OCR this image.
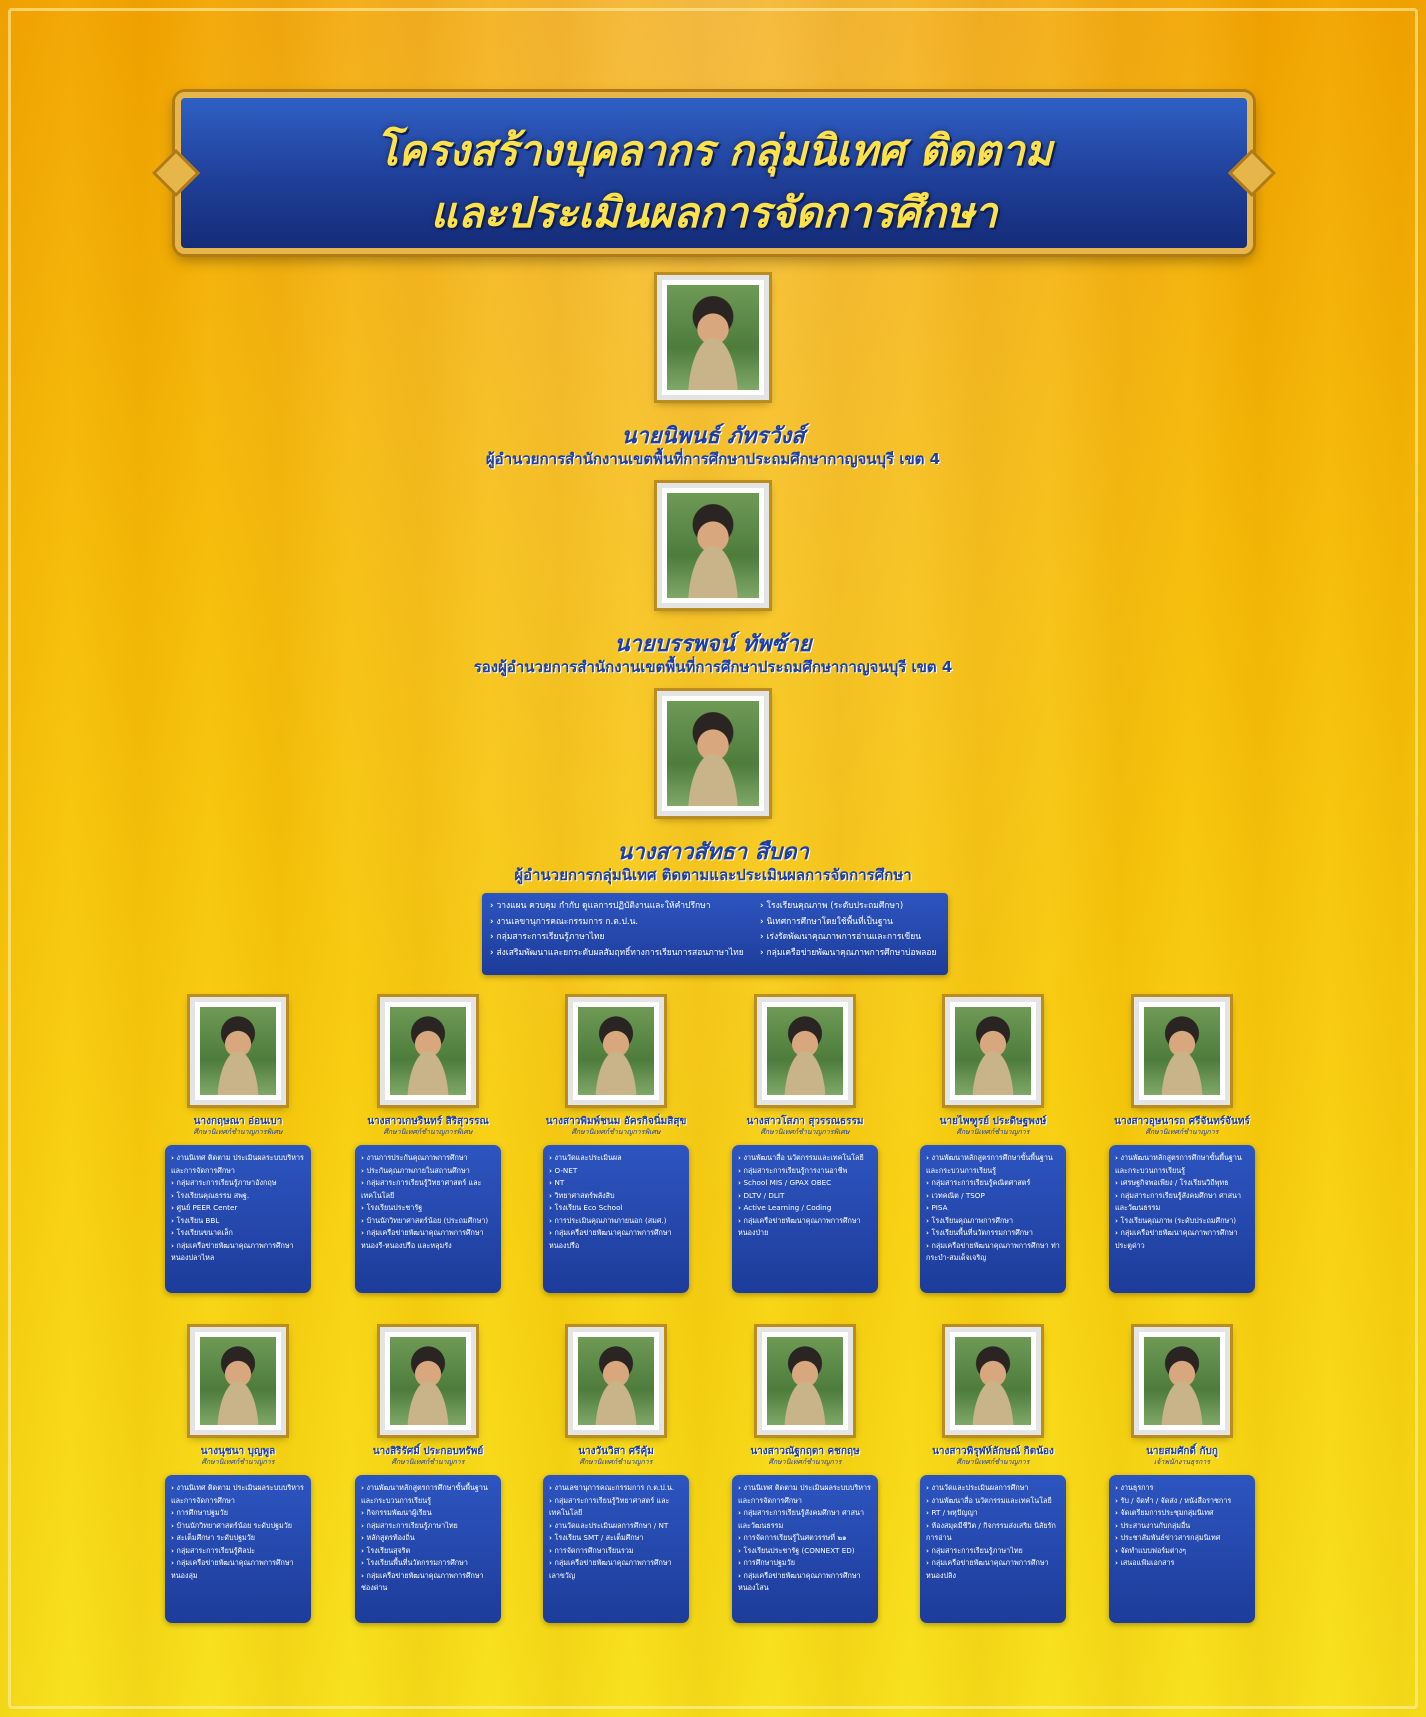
โครงสร้างบุคลากร กลุ่มนิเทศ ติดตาม
และประเมินผลการจัดการศึกษา
นายนิพนธ์ ภัทรวังส์
ผู้อำนวยการสำนักงานเขตพื้นที่การศึกษาประถมศึกษากาญจนบุรี เขต 4
นายบรรพจน์ ทัพซ้าย
รองผู้อำนวยการสำนักงานเขตพื้นที่การศึกษาประถมศึกษากาญจนบุรี เขต 4
นางสาวสัทธา สืบดา
ผู้อำนวยการกลุ่มนิเทศ ติดตามและประเมินผลการจัดการศึกษา
› วางแผน ควบคุม กำกับ ดูแลการปฏิบัติงานและให้คำปรึกษา
› งานเลขานุการคณะกรรมการ ก.ต.ป.น.
› กลุ่มสาระการเรียนรู้ภาษาไทย
› ส่งเสริมพัฒนาและยกระดับผลสัมฤทธิ์ทางการเรียนการสอนภาษาไทย
› โรงเรียนคุณภาพ (ระดับประถมศึกษา)
› นิเทศการศึกษาโดยใช้พื้นที่เป็นฐาน
› เร่งรัดพัฒนาคุณภาพการอ่านและการเขียน
› กลุ่มเครือข่ายพัฒนาคุณภาพการศึกษาบ่อพลอย
นางกฤษณา อ่อนเบา
ศึกษานิเทศก์ชำนาญการพิเศษ
› งานนิเทศ ติดตาม ประเมินผลระบบบริหาร และการจัดการศึกษา
› กลุ่มสาระการเรียนรู้ภาษาอังกฤษ
› โรงเรียนคุณธรรม สพฐ.
› ศูนย์ PEER Center
› โรงเรียน BBL
› โรงเรียนขนาดเล็ก
› กลุ่มเครือข่ายพัฒนาคุณภาพการศึกษา หนองปลาไหล
นางสาวเกษรินทร์ สิริสุวรรณ
ศึกษานิเทศก์ชำนาญการพิเศษ
› งานการประกันคุณภาพการศึกษา
› ประกันคุณภาพภายในสถานศึกษา
› กลุ่มสาระการเรียนรู้วิทยาศาสตร์ และเทคโนโลยี
› โรงเรียนประชารัฐ
› บ้านนักวิทยาศาสตร์น้อย (ประถมศึกษา)
› กลุ่มเครือข่ายพัฒนาคุณภาพการศึกษา หนองรี-หนองปรือ และหลุมรัง
นางสาวพิมพ์ชนม อัครกิจนิ่มสิสุข
ศึกษานิเทศก์ชำนาญการพิเศษ
› งานวัดและประเมินผล
› O-NET
› NT
› วิทยาศาสตร์พลังสิบ
› โรงเรียน Eco School
› การประเมินคุณภาพภายนอก (สมศ.)
› กลุ่มเครือข่ายพัฒนาคุณภาพการศึกษา หนองปรือ
นางสาวโสภา สุวรรณธรรม
ศึกษานิเทศก์ชำนาญการพิเศษ
› งานพัฒนาสื่อ นวัตกรรมและเทคโนโลยี
› กลุ่มสาระการเรียนรู้การงานอาชีพ
› School MIS / GPAX OBEC
› DLTV / DLIT
› Active Learning / Coding
› กลุ่มเครือข่ายพัฒนาคุณภาพการศึกษา หนองป่าย
นายไพฑูรย์ ประดิษฐพงษ์
ศึกษานิเทศก์ชำนาญการ
› งานพัฒนาหลักสูตรการศึกษาขั้นพื้นฐาน และกระบวนการเรียนรู้
› กลุ่มสาระการเรียนรู้คณิตศาสตร์
› เวทคณิต / TSOP
› PISA
› โรงเรียนคุณภาพการศึกษา
› โรงเรียนพื้นที่นวัตกรรมการศึกษา
› กลุ่มเครือข่ายพัฒนาคุณภาพการศึกษา ท่ากระบำ-สมเด็จเจริญ
นางสาวอุษนารถ ศรีจันทร์จันทร์
ศึกษานิเทศก์ชำนาญการ
› งานพัฒนาหลักสูตรการศึกษาขั้นพื้นฐาน และกระบวนการเรียนรู้
› เศรษฐกิจพอเพียง / โรงเรียนวิถีพุทธ
› กลุ่มสาระการเรียนรู้สังคมศึกษา ศาสนา และวัฒนธรรม
› โรงเรียนคุณภาพ (ระดับประถมศึกษา)
› กลุ่มเครือข่ายพัฒนาคุณภาพการศึกษา ประตูด่าว
นางนุชนา บุญพูล
ศึกษานิเทศก์ชำนาญการ
› งานนิเทศ ติดตาม ประเมินผลระบบบริหาร และการจัดการศึกษา
› การศึกษาปฐมวัย
› บ้านนักวิทยาศาสตร์น้อย ระดับปฐมวัย
› สะเต็มศึกษา ระดับปฐมวัย
› กลุ่มสาระการเรียนรู้ศิลปะ
› กลุ่มเครือข่ายพัฒนาคุณภาพการศึกษา หนองลุ่ม
นางสิริรัศมิ์ ประกอบทรัพย์
ศึกษานิเทศก์ชำนาญการ
› งานพัฒนาหลักสูตรการศึกษาขั้นพื้นฐาน และกระบวนการเรียนรู้
› กิจกรรมพัฒนาผู้เรียน
› กลุ่มสาระการเรียนรู้ภาษาไทย
› หลักสูตรท้องถิ่น
› โรงเรียนสุจริต
› โรงเรียนพื้นที่นวัตกรรมการศึกษา
› กลุ่มเครือข่ายพัฒนาคุณภาพการศึกษา ช่องด่าน
นางวันวิสา ศรีคุ้ม
ศึกษานิเทศก์ชำนาญการ
› งานเลขานุการคณะกรรมการ ก.ต.ป.น.
› กลุ่มสาระการเรียนรู้วิทยาศาสตร์ และเทคโนโลยี
› งานวัดและประเมินผลการศึกษา / NT
› โรงเรียน SMT / สะเต็มศึกษา
› การจัดการศึกษาเรียนรวม
› กลุ่มเครือข่ายพัฒนาคุณภาพการศึกษา เลาขวัญ
นางสาวณัฐกฤตา คชกฤษ
ศึกษานิเทศก์ชำนาญการ
› งานนิเทศ ติดตาม ประเมินผลระบบบริหาร และการจัดการศึกษา
› กลุ่มสาระการเรียนรู้สังคมศึกษา ศาสนา และวัฒนธรรม
› การจัดการเรียนรู้ในศตวรรษที่ ๒๑
› โรงเรียนประชารัฐ (CONNEXT ED)
› การศึกษาปฐมวัย
› กลุ่มเครือข่ายพัฒนาคุณภาพการศึกษา หนองโสน
นางสาวพิรุฬห์ลักษณ์ กิตน้อง
ศึกษานิเทศก์ชำนาญการ
› งานวัดและประเมินผลการศึกษา
› งานพัฒนาสื่อ นวัตกรรมและเทคโนโลยี
› RT / พหุปัญญา
› ห้องสมุดมีชีวิต / กิจกรรมส่งเสริม นิสัยรักการอ่าน
› กลุ่มสาระการเรียนรู้ภาษาไทย
› กลุ่มเครือข่ายพัฒนาคุณภาพการศึกษา หนองปลิง
นายสมศักดิ์ กับกู
เจ้าพนักงานธุรการ
› งานธุรการ
› รับ / จัดทำ / จัดส่ง / หนังสือราชการ
› จัดเตรียมการประชุมกลุ่มนิเทศ
› ประสานงานกับกลุ่มอื่น
› ประชาสัมพันธ์ข่าวสารกลุ่มนิเทศ
› จัดทำแบบฟอร์มต่างๆ
› เสนอแฟ้มเอกสาร
